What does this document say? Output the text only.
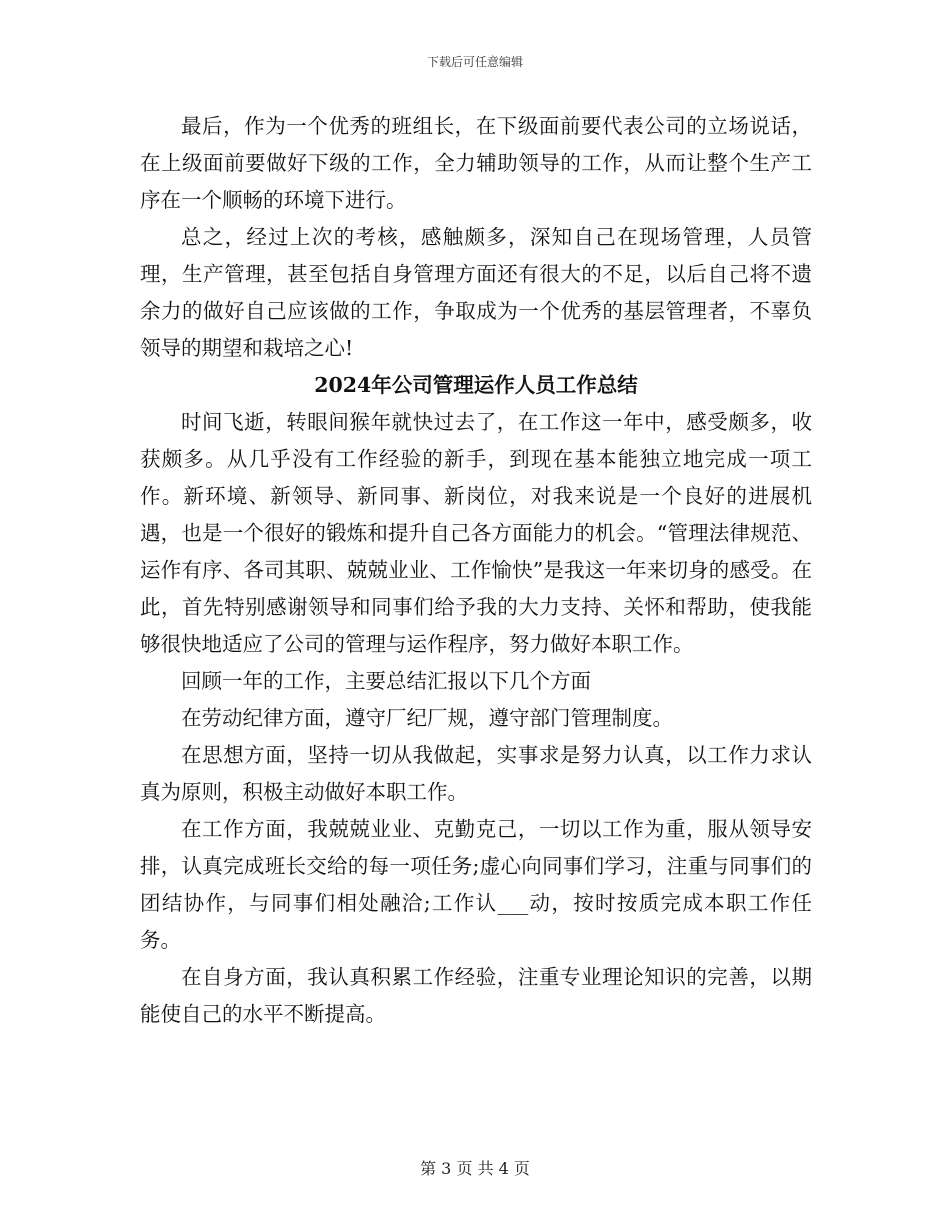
下载后可任意编辑

最后，作为一个优秀的班组长，在下级面前要代表公司的立场说话，在上级面前要做好下级的工作，全力辅助领导的工作，从而让整个生产工序在一个顺畅的环境下进行。

总之，经过上次的考核，感触颇多，深知自己在现场管理，人员管理，生产管理，甚至包括自身管理方面还有很大的不足，以后自己将不遗余力的做好自己应该做的工作，争取成为一个优秀的基层管理者，不辜负领导的期望和栽培之心!

2024年公司管理运作人员工作总结

时间飞逝，转眼间猴年就快过去了，在工作这一年中，感受颇多，收获颇多。从几乎没有工作经验的新手，到现在基本能独立地完成一项工作。新环境、新领导、新同事、新岗位，对我来说是一个良好的进展机遇，也是一个很好的锻炼和提升自己各方面能力的机会。“管理法律规范、运作有序、各司其职、兢兢业业、工作愉快”是我这一年来切身的感受。在此，首先特别感谢领导和同事们给予我的大力支持、关怀和帮助，使我能够很快地适应了公司的管理与运作程序，努力做好本职工作。

回顾一年的工作，主要总结汇报以下几个方面

在劳动纪律方面，遵守厂纪厂规，遵守部门管理制度。

在思想方面，坚持一切从我做起，实事求是努力认真，以工作力求认真为原则，积极主动做好本职工作。

在工作方面，我兢兢业业、克勤克己，一切以工作为重，服从领导安排，认真完成班长交给的每一项任务;虚心向同事们学习，注重与同事们的团结协作，与同事们相处融洽;工作认___动，按时按质完成本职工作任务。

在自身方面，我认真积累工作经验，注重专业理论知识的完善，以期能使自己的水平不断提高。

第 3 页 共 4 页
